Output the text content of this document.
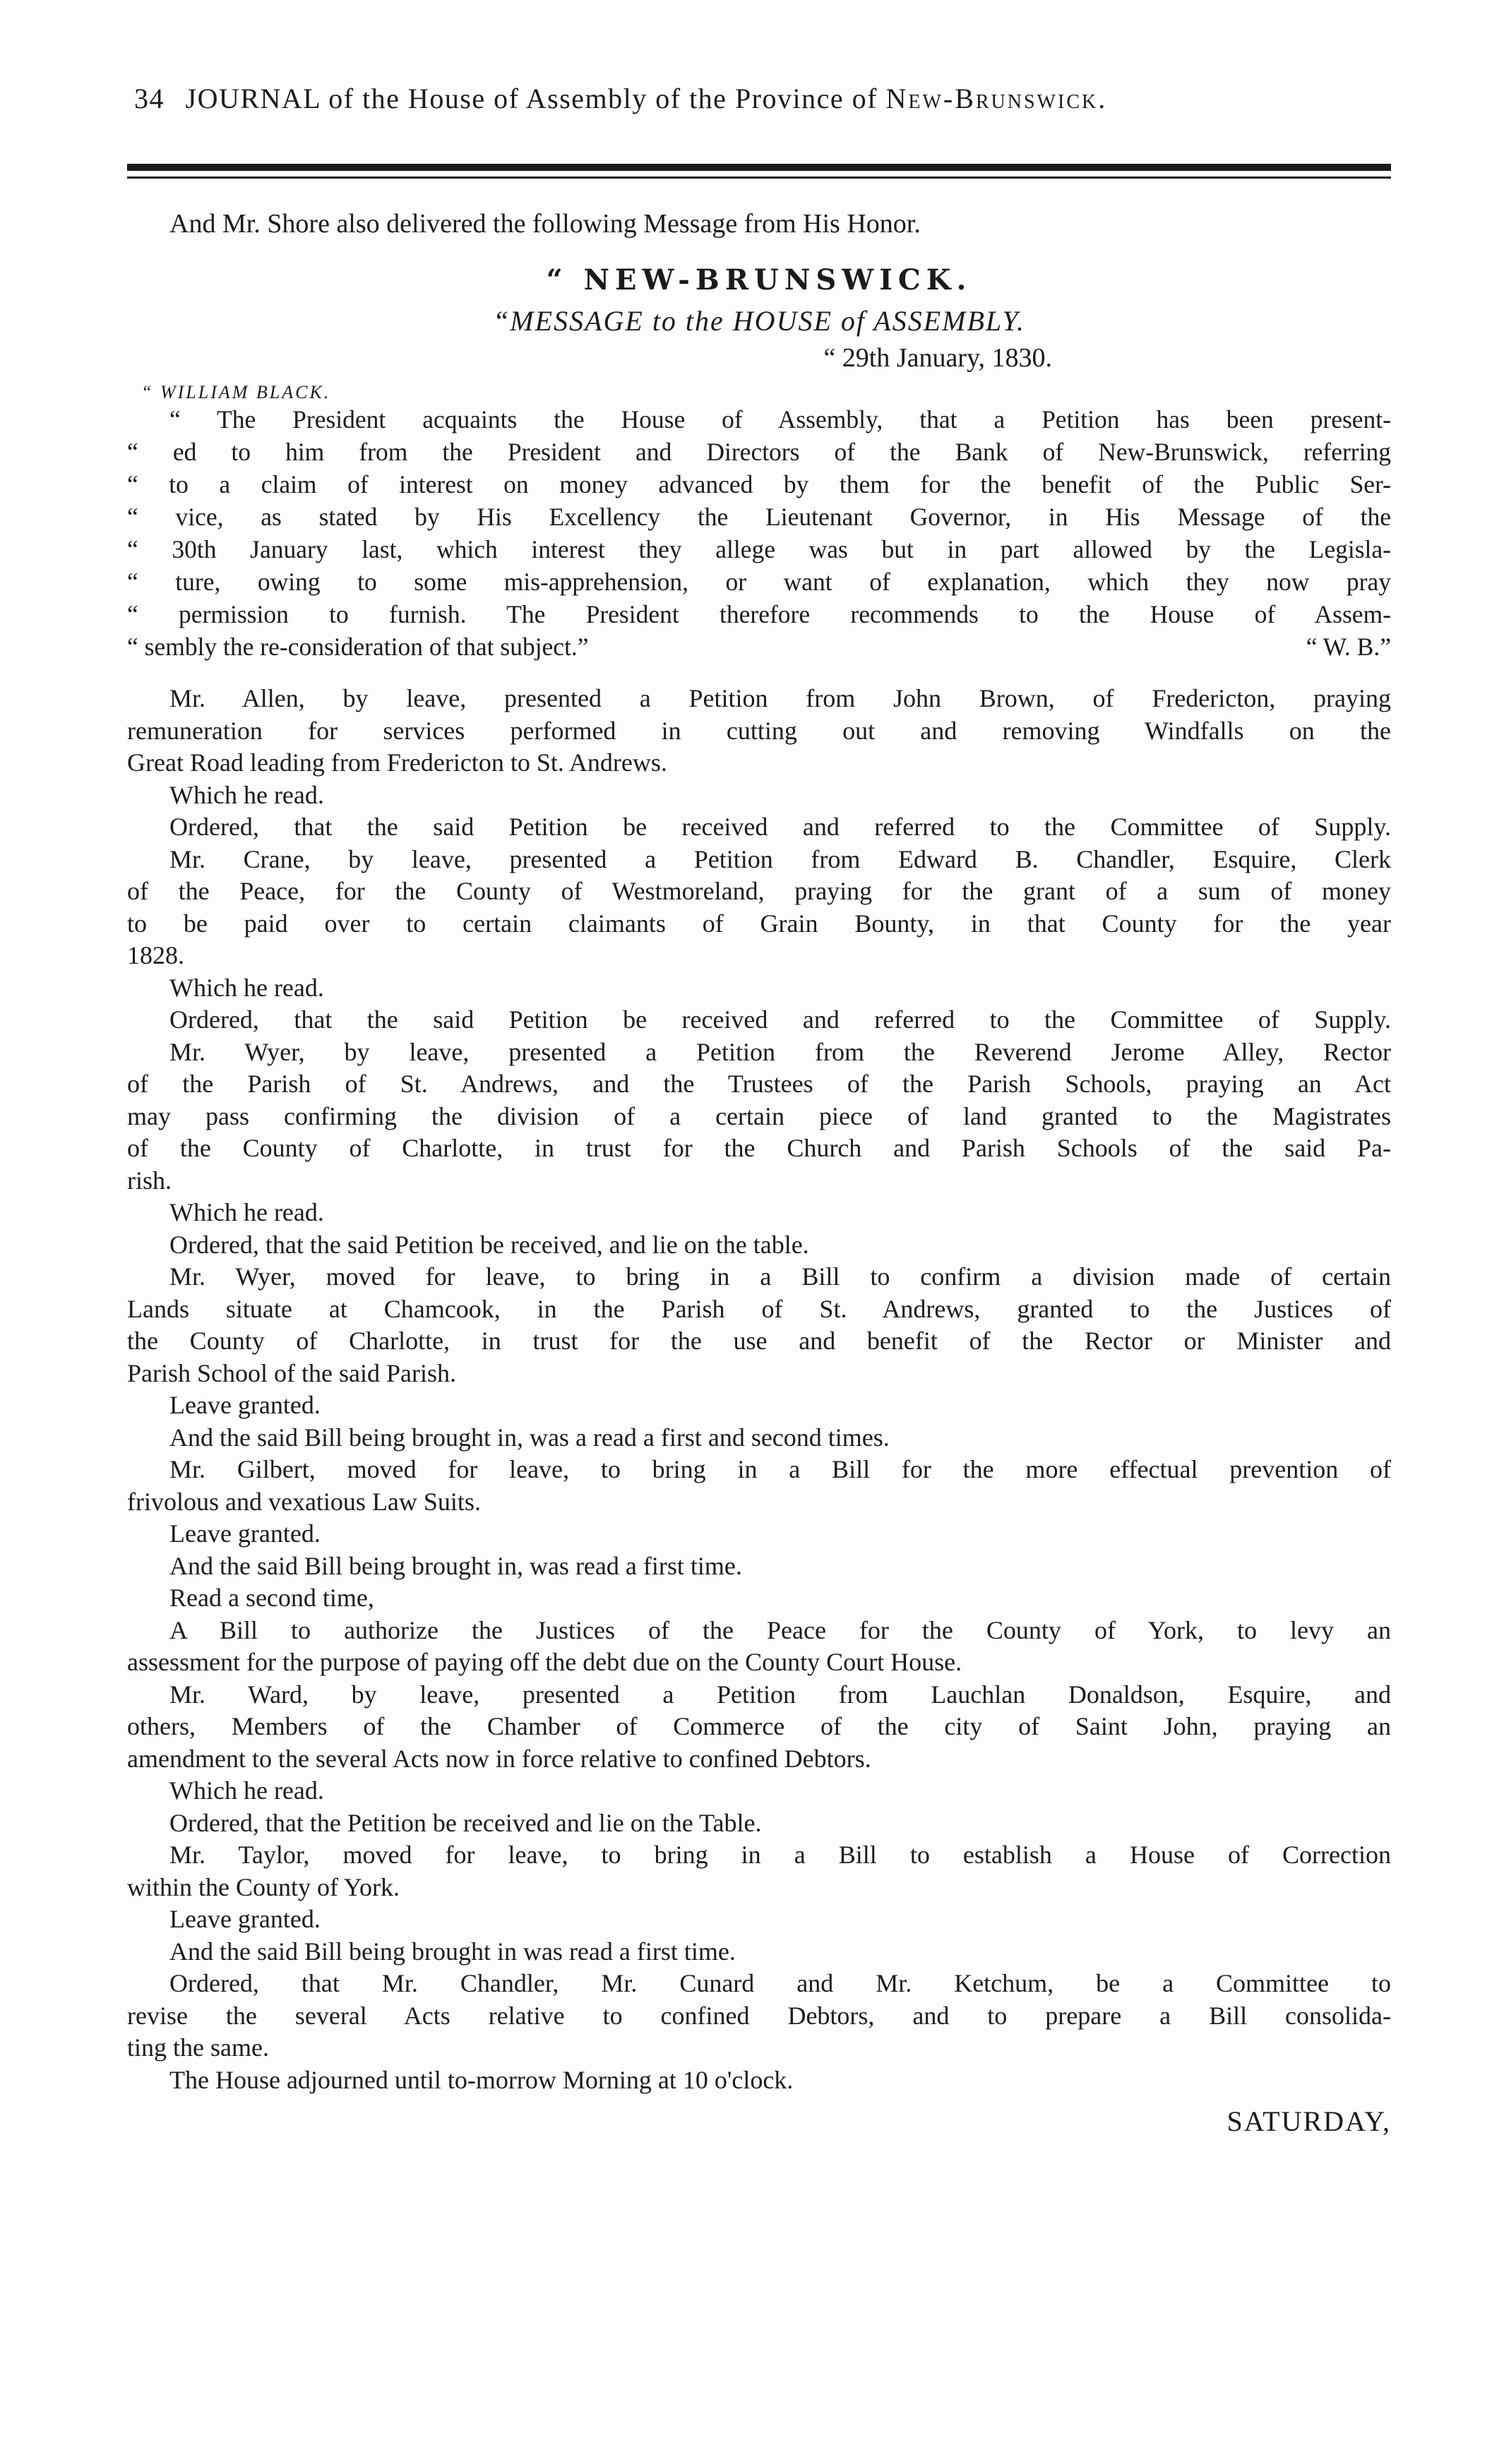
34 JOURNAL of the House of Assembly of the Province of New-Brunswick.
And Mr. Shore also delivered the following Message from His Honor.
“ NEW-BRUNSWICK.
“MESSAGE to the HOUSE of ASSEMBLY.
“ 29th January, 1830.
“ WILLIAM BLACK.
“ The President acquaints the House of Assembly, that a Petition has been present-
“ ed to him from the President and Directors of the Bank of New-Brunswick, referring
“ to a claim of interest on money advanced by them for the benefit of the Public Ser-
“ vice, as stated by His Excellency the Lieutenant Governor, in His Message of the
“ 30th January last, which interest they allege was but in part allowed by the Legisla-
“ ture, owing to some mis-apprehension, or want of explanation, which they now pray
“ permission to furnish. The President therefore recommends to the House of Assem-
“ sembly the re-consideration of that subject.”	“ W. B.”
Mr. Allen, by leave, presented a Petition from John Brown, of Fredericton, praying
remuneration for services performed in cutting out and removing Windfalls on the
Great Road leading from Fredericton to St. Andrews.
Which he read.
Ordered, that the said Petition be received and referred to the Committee of Supply.
Mr. Crane, by leave, presented a Petition from Edward B. Chandler, Esquire, Clerk
of the Peace, for the County of Westmoreland, praying for the grant of a sum of money
to be paid over to certain claimants of Grain Bounty, in that County for the year
1828.
Which he read.
Ordered, that the said Petition be received and referred to the Committee of Supply.
Mr. Wyer, by leave, presented a Petition from the Reverend Jerome Alley, Rector
of the Parish of St. Andrews, and the Trustees of the Parish Schools, praying an Act
may pass confirming the division of a certain piece of land granted to the Magistrates
of the County of Charlotte, in trust for the Church and Parish Schools of the said Pa-
rish.
Which he read.
Ordered, that the said Petition be received, and lie on the table.
Mr. Wyer, moved for leave, to bring in a Bill to confirm a division made of certain
Lands situate at Chamcook, in the Parish of St. Andrews, granted to the Justices of
the County of Charlotte, in trust for the use and benefit of the Rector or Minister and
Parish School of the said Parish.
Leave granted.
And the said Bill being brought in, was a read a first and second times.
Mr. Gilbert, moved for leave, to bring in a Bill for the more effectual prevention of
frivolous and vexatious Law Suits.
Leave granted.
And the said Bill being brought in, was read a first time.
Read a second time,
A Bill to authorize the Justices of the Peace for the County of York, to levy an
assessment for the purpose of paying off the debt due on the County Court House.
Mr. Ward, by leave, presented a Petition from Lauchlan Donaldson, Esquire, and
others, Members of the Chamber of Commerce of the city of Saint John, praying an
amendment to the several Acts now in force relative to confined Debtors.
Which he read.
Ordered, that the Petition be received and lie on the Table.
Mr. Taylor, moved for leave, to bring in a Bill to establish a House of Correction
within the County of York.
Leave granted.
And the said Bill being brought in was read a first time.
Ordered, that Mr. Chandler, Mr. Cunard and Mr. Ketchum, be a Committee to
revise the several Acts relative to confined Debtors, and to prepare a Bill consolida-
ting the same.
The House adjourned until to-morrow Morning at 10 o'clock.
SATURDAY,
